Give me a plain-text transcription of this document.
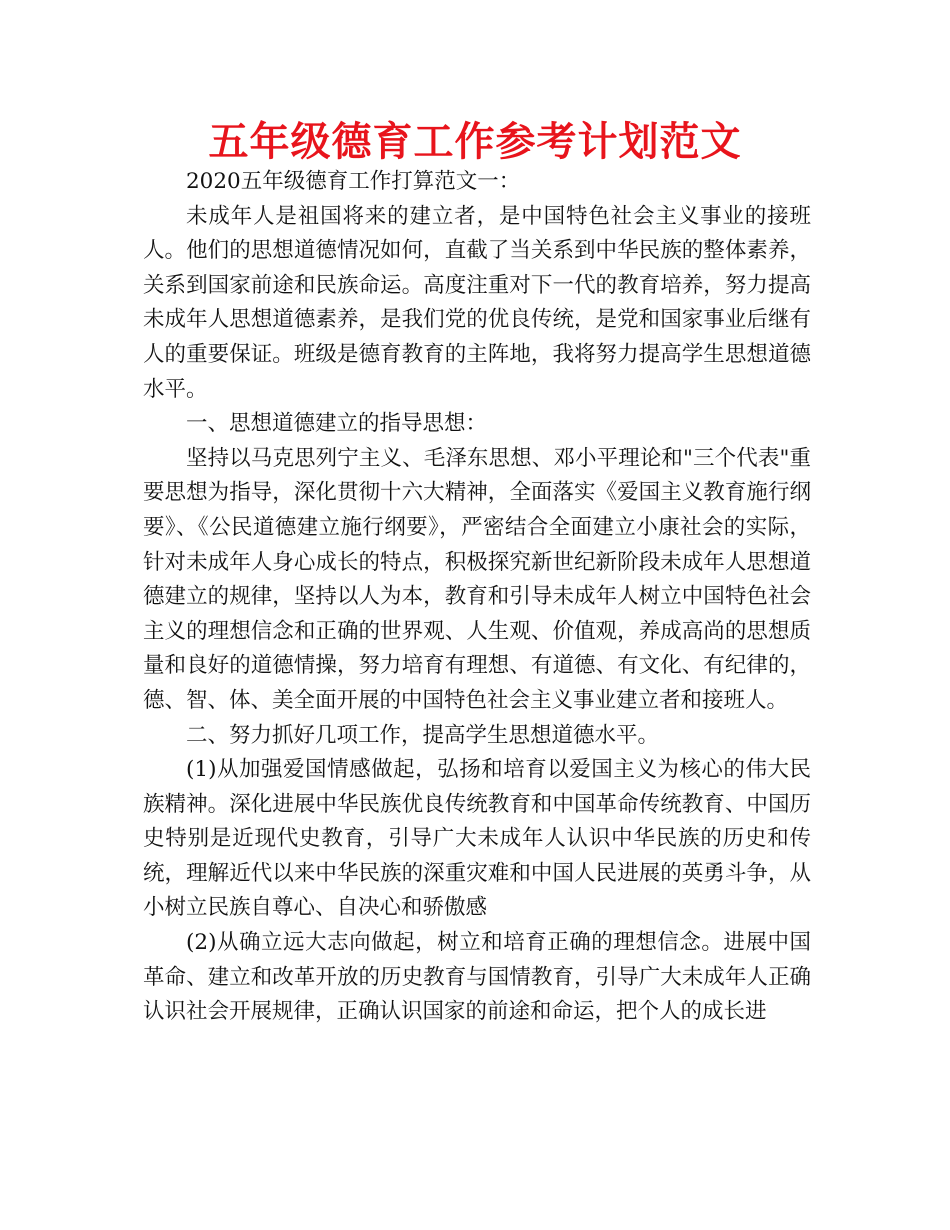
五年级德育工作参考计划范文

2020五年级德育工作打算范文一：

未成年人是祖国将来的建立者，是中国特色社会主义事业的接班人。他们的思想道德情况如何，直截了当关系到中华民族的整体素养，关系到国家前途和民族命运。高度注重对下一代的教育培养，努力提高未成年人思想道德素养，是我们党的优良传统，是党和国家事业后继有人的重要保证。班级是德育教育的主阵地，我将努力提高学生思想道德水平。

一、思想道德建立的指导思想：

坚持以马克思列宁主义、毛泽东思想、邓小平理论和"三个代表"重要思想为指导，深化贯彻十六大精神，全面落实《爱国主义教育施行纲要》、《公民道德建立施行纲要》，严密结合全面建立小康社会的实际，针对未成年人身心成长的特点，积极探究新世纪新阶段未成年人思想道德建立的规律，坚持以人为本，教育和引导未成年人树立中国特色社会主义的理想信念和正确的世界观、人生观、价值观，养成高尚的思想质量和良好的道德情操，努力培育有理想、有道德、有文化、有纪律的，德、智、体、美全面开展的中国特色社会主义事业建立者和接班人。

二、努力抓好几项工作，提高学生思想道德水平。

(1)从加强爱国情感做起，弘扬和培育以爱国主义为核心的伟大民族精神。深化进展中华民族优良传统教育和中国革命传统教育、中国历史特别是近现代史教育，引导广大未成年人认识中华民族的历史和传统，理解近代以来中华民族的深重灾难和中国人民进展的英勇斗争，从小树立民族自尊心、自决心和骄傲感

(2)从确立远大志向做起，树立和培育正确的理想信念。进展中国革命、建立和改革开放的历史教育与国情教育，引导广大未成年人正确认识社会开展规律，正确认识国家的前途和命运，把个人的成长进
